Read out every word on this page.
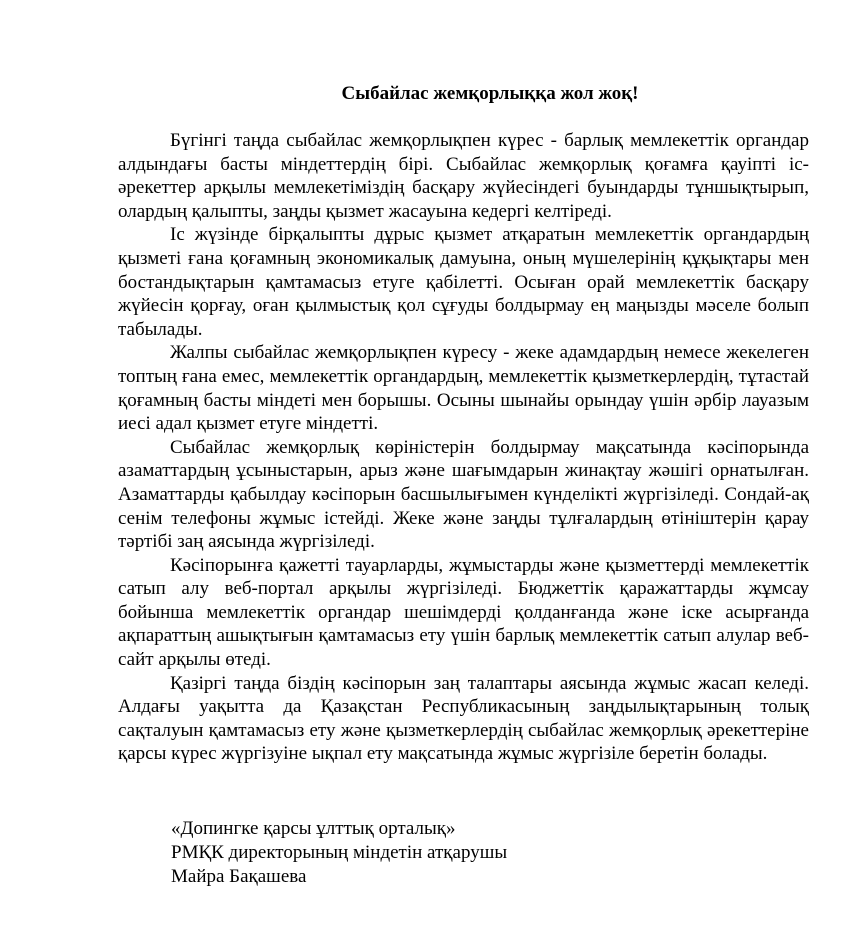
Сыбайлас жемқорлыққа жол жоқ!

Бүгінгі таңда сыбайлас жемқорлықпен күрес - барлық мемлекеттік органдар алдындағы басты міндеттердің бірі. Сыбайлас жемқорлық қоғамға қауіпті іс-әрекеттер арқылы мемлекетіміздің басқару жүйесіндегі буындарды тұншықтырып, олардың қалыпты, заңды қызмет жасауына кедергі келтіреді.

Іс жүзінде бірқалыпты дұрыс қызмет атқаратын мемлекеттік органдардың қызметі ғана қоғамның экономикалық дамуына, оның мүшелерінің құқықтары мен бостандықтарын қамтамасыз етуге қабілетті. Осыған орай мемлекеттік басқару жүйесін қорғау, оған қылмыстық қол сұғуды болдырмау ең маңызды мәселе болып табылады.

Жалпы сыбайлас жемқорлықпен күресу - жеке адамдардың немесе жекелеген топтың ғана емес, мемлекеттік органдардың, мемлекеттік қызметкерлердің, тұтастай қоғамның басты міндеті мен борышы. Осыны шынайы орындау үшін әрбір лауазым иесі адал қызмет етуге міндетті.

Сыбайлас жемқорлық көріністерін болдырмау мақсатында кәсіпорында азаматтардың ұсыныстарын, арыз және шағымдарын жинақтау жәшігі орнатылған. Азаматтарды қабылдау кәсіпорын басшылығымен күнделікті жүргізіледі. Сондай-ақ сенім телефоны жұмыс істейді. Жеке және заңды тұлғалардың өтініштерін қарау тәртібі заң аясында жүргізіледі.

Кәсіпорынға қажетті тауарларды, жұмыстарды және қызметтерді мемлекеттік сатып алу веб-портал арқылы жүргізіледі. Бюджеттік қаражаттарды жұмсау бойынша мемлекеттік органдар шешімдерді қолданғанда және іске асырғанда ақпараттың ашықтығын қамтамасыз ету үшін барлық мемлекеттік сатып алулар веб-сайт арқылы өтеді.

Қазіргі таңда біздің кәсіпорын заң талаптары аясында жұмыс жасап келеді. Алдағы уақытта да Қазақстан Республикасының заңдылықтарының толық сақталуын қамтамасыз ету және қызметкерлердің сыбайлас жемқорлық әрекеттеріне қарсы күрес жүргізуіне ықпал ету мақсатында жұмыс жүргізіле беретін болады.

«Допингке қарсы ұлттық орталық»

РМҚК директорының міндетін атқарушы

Майра Бақашева
